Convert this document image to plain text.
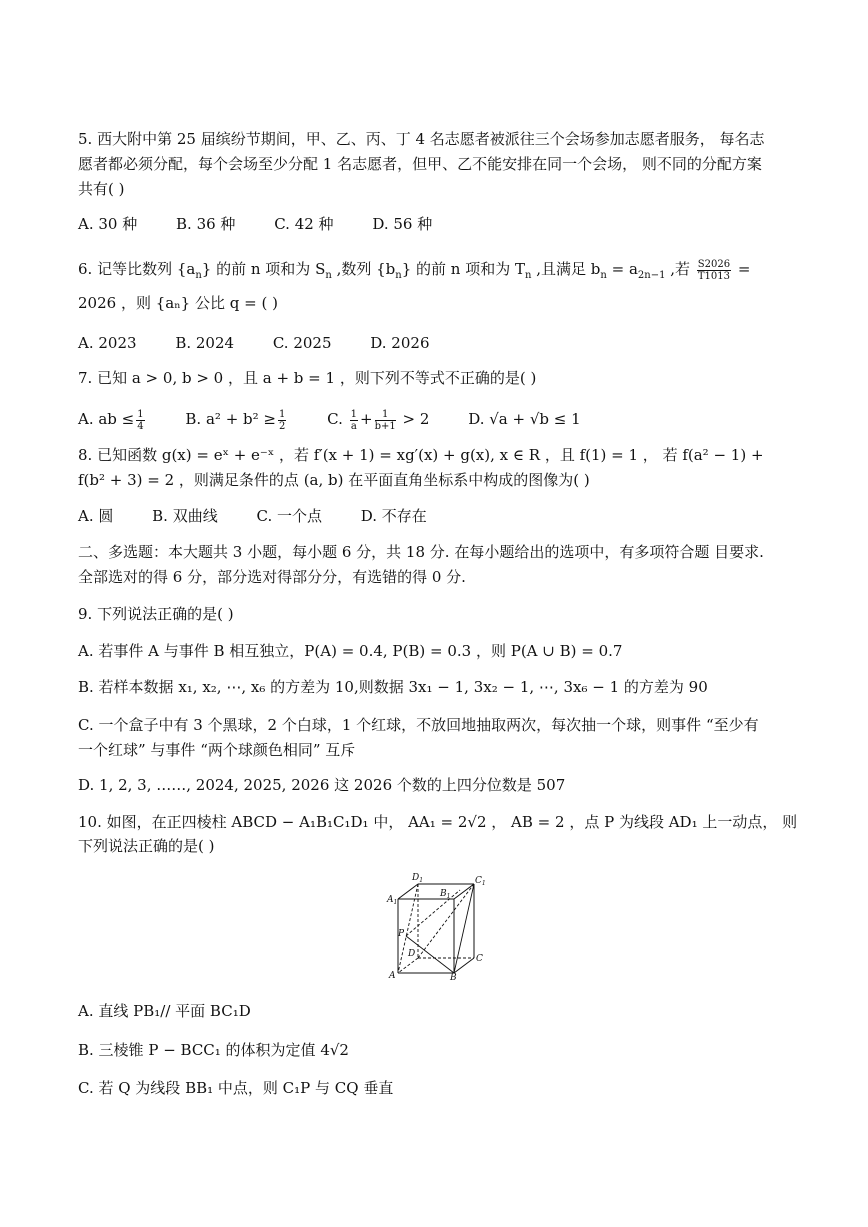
5. 西大附中第 25 届缤纷节期间，甲、乙、丙、丁 4 名志愿者被派往三个会场参加志愿者服务， 每名志
愿者都必须分配，每个会场至少分配 1 名志愿者，但甲、乙不能安排在同一个会场， 则不同的分配方案
共有( )
A. 30 种	B. 36 种	C. 42 种	D. 56 种
6. 记等比数列 $\{a_n\}$ 的前 n 项和为 $S_n$ ,数列 $\{b_n\}$ 的前 n 项和为 $T_n$ ,且满足 $b_n = a_{2n-1}$ ,若 $\frac{S2026}{T1013}$ =
2026 ，则 {aₙ} 公比 q = ( )
A. 2023	B. 2024	C. 2025	D. 2026
7. 已知 a > 0, b > 0 ，且 a + b = 1 ，则下列不等式不正确的是( )
A. ab ≤ $\frac{1}{4}$	B. $a^2 + b^2 \ge \frac{1}{2}$	C. $\frac{1}{a} + \frac{1}{b+1} > 2$	D. √a + √b ≤ 1
8. 已知函数 g(x) = eˣ + e⁻ˣ ，若 f′(x + 1) = xg′(x) + g(x), x ∈ R ，且 f(1) = 1 ， 若 f(a² − 1) +
f(b² + 3) = 2 ，则满足条件的点 (a, b) 在平面直角坐标系中构成的图像为( )
A. 圆	B. 双曲线	C. 一个点	D. 不存在
二、多选题：本大题共 3 小题，每小题 6 分，共 18 分. 在每小题给出的选项中，有多项符合题 目要求.
全部选对的得 6 分，部分选对得部分分，有选错的得 0 分.
9. 下列说法正确的是( )
A. 若事件 A 与事件 B 相互独立，P(A) = 0.4, P(B) = 0.3 ，则 P(A ∪ B) = 0.7
B. 若样本数据 x₁, x₂, ⋯, x₆ 的方差为 10,则数据 3x₁ − 1, 3x₂ − 1, ⋯, 3x₆ − 1 的方差为 90
C. 一个盒子中有 3 个黑球，2 个白球，1 个红球，不放回地抽取两次，每次抽一个球，则事件 “至少有
一个红球” 与事件 “两个球颜色相同” 互斥
D. 1, 2, 3, ……, 2024, 2025, 2026 这 2026 个数的上四分位数是 507
10. 如图，在正四棱柱 ABCD − A₁B₁C₁D₁ 中， AA₁ = 2√2 ， AB = 2 ，点 P 为线段 AD₁ 上一动点， 则
下列说法正确的是( )
$D_1$	$C_1$
$A_1$
$B_1$
P
D	C
A	B
A. 直线 PB₁// 平面 BC₁D
B. 三棱锥 P − BCC₁ 的体积为定值 4√2
C. 若 Q 为线段 BB₁ 中点，则 C₁P 与 CQ 垂直
